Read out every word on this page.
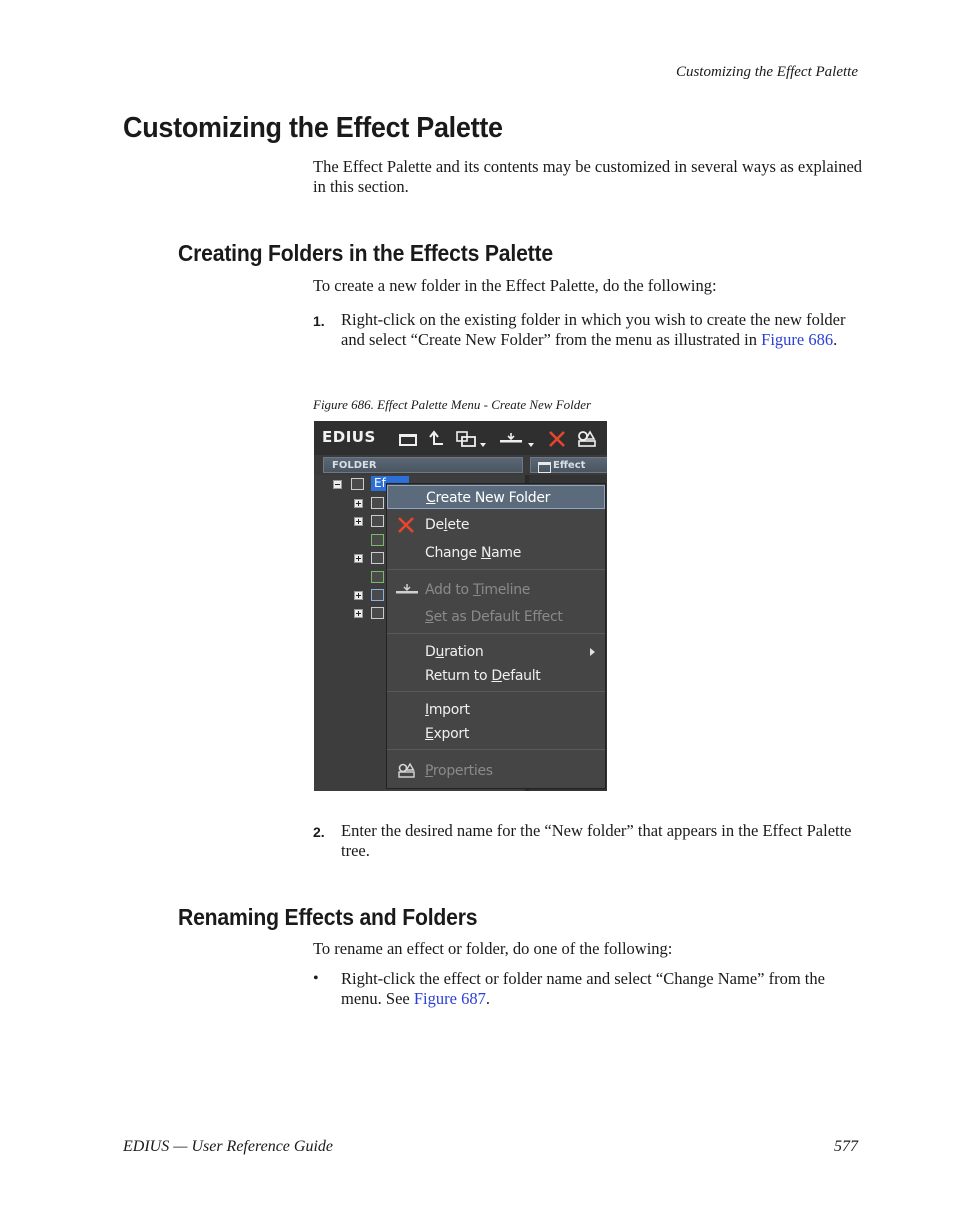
Customizing the Effect Palette
Customizing the Effect Palette
The Effect Palette and its contents may be customized in several ways as explained in this section.
Creating Folders in the Effects Palette
To create a new folder in the Effect Palette, do the following:
1. Right-click on the existing folder in which you wish to create the new folder and select “Create New Folder” from the menu as illustrated in Figure 686.
Figure 686. Effect Palette Menu - Create New Folder
EDIUS
FOLDER	Effect
Ef
Create New Folder
Delete
Change Name
Add to Timeline
Set as Default Effect
Duration
Return to Default
Import
Export
Properties
2. Enter the desired name for the “New folder” that appears in the Effect Palette tree.
Renaming Effects and Folders
To rename an effect or folder, do one of the following:
• Right-click the effect or folder name and select “Change Name” from the menu. See Figure 687.
EDIUS — User Reference Guide	577
